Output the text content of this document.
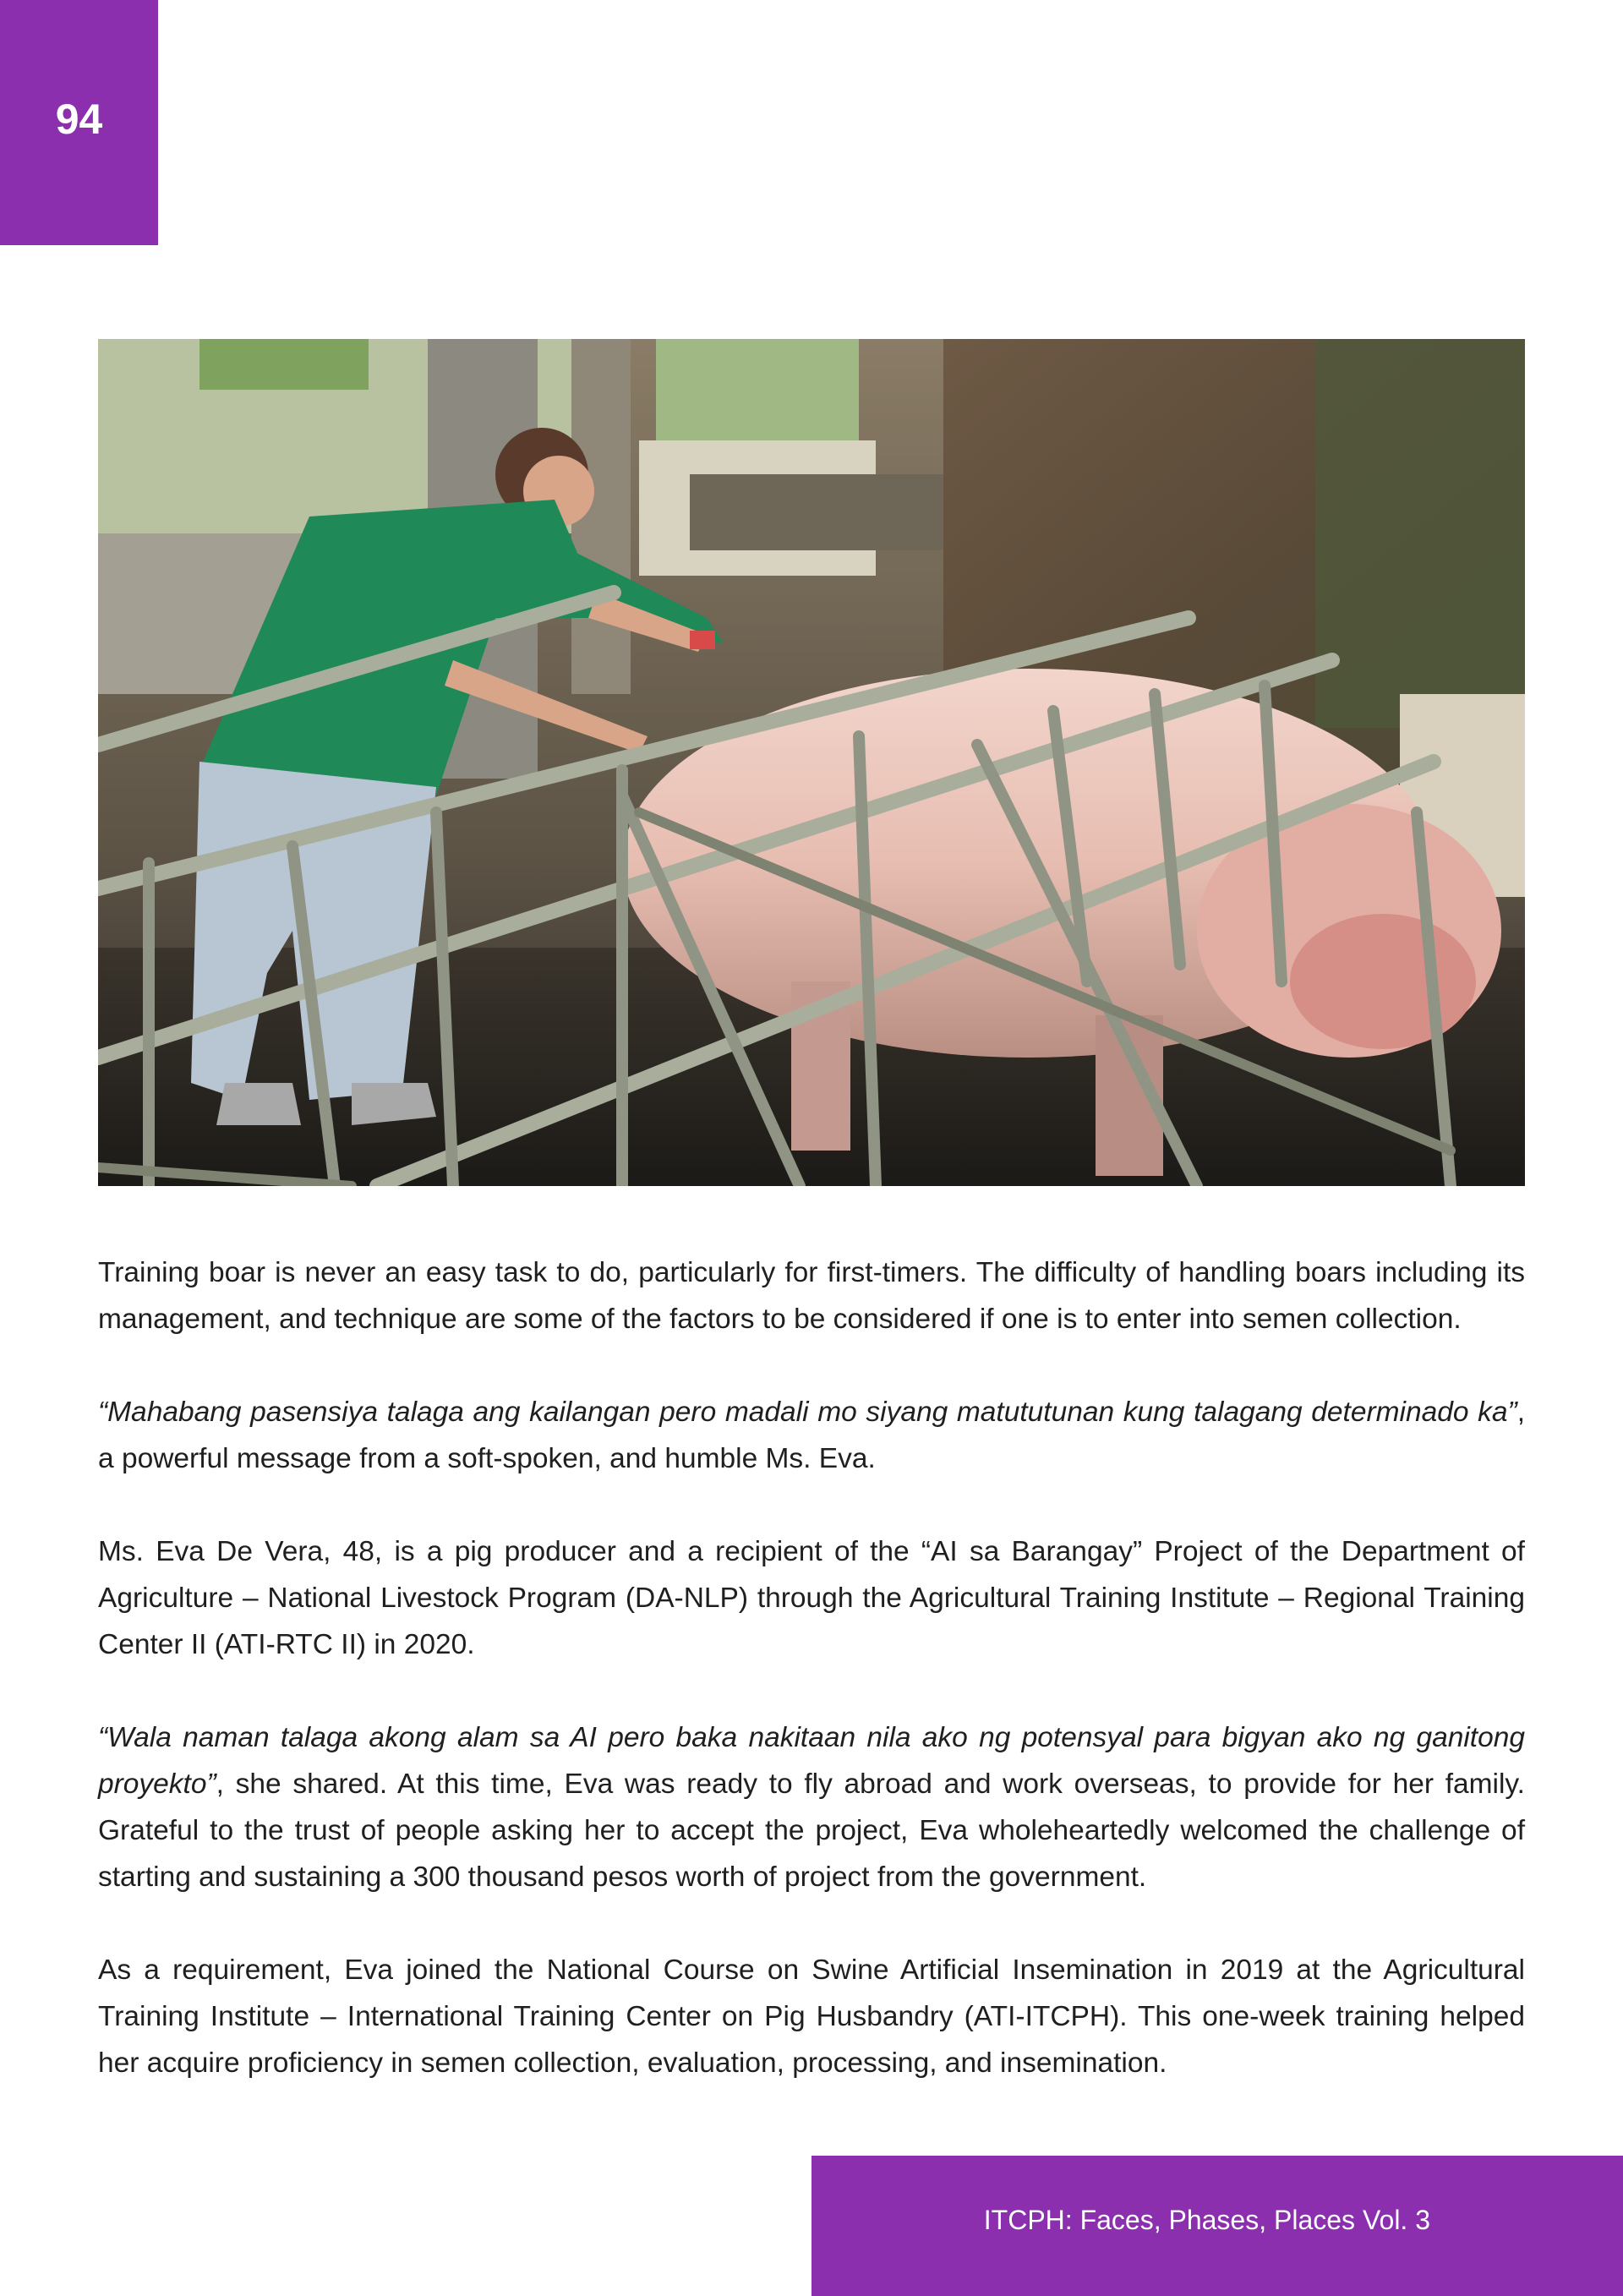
94

Training boar is never an easy task to do, particularly for first-timers. The difficulty of handling boars including its management, and technique are some of the factors to be considered if one is to enter into semen collection.

“Mahabang pasensiya talaga ang kailangan pero madali mo siyang matututunan kung talagang determinado ka”, a powerful message from a soft-spoken, and humble Ms. Eva.

Ms. Eva De Vera, 48, is a pig producer and a recipient of the “AI sa Barangay” Project of the Department of Agriculture – National Livestock Program (DA-NLP) through the Agricultural Training Institute – Regional Training Center II (ATI-RTC II) in 2020.

“Wala naman talaga akong alam sa AI pero baka nakitaan nila ako ng potensyal para bigyan ako ng ganitong proyekto”, she shared. At this time, Eva was ready to fly abroad and work overseas, to provide for her family. Grateful to the trust of people asking her to accept the project, Eva wholeheartedly welcomed the challenge of starting and sustaining a 300 thousand pesos worth of project from the government.

As a requirement, Eva joined the National Course on Swine Artificial Insemination in 2019 at the Agricultural Training Institute – International Training Center on Pig Husbandry (ATI-ITCPH). This one-week training helped her acquire proficiency in semen collection, evaluation, processing, and insemination.

ITCPH: Faces, Phases, Places Vol. 3
